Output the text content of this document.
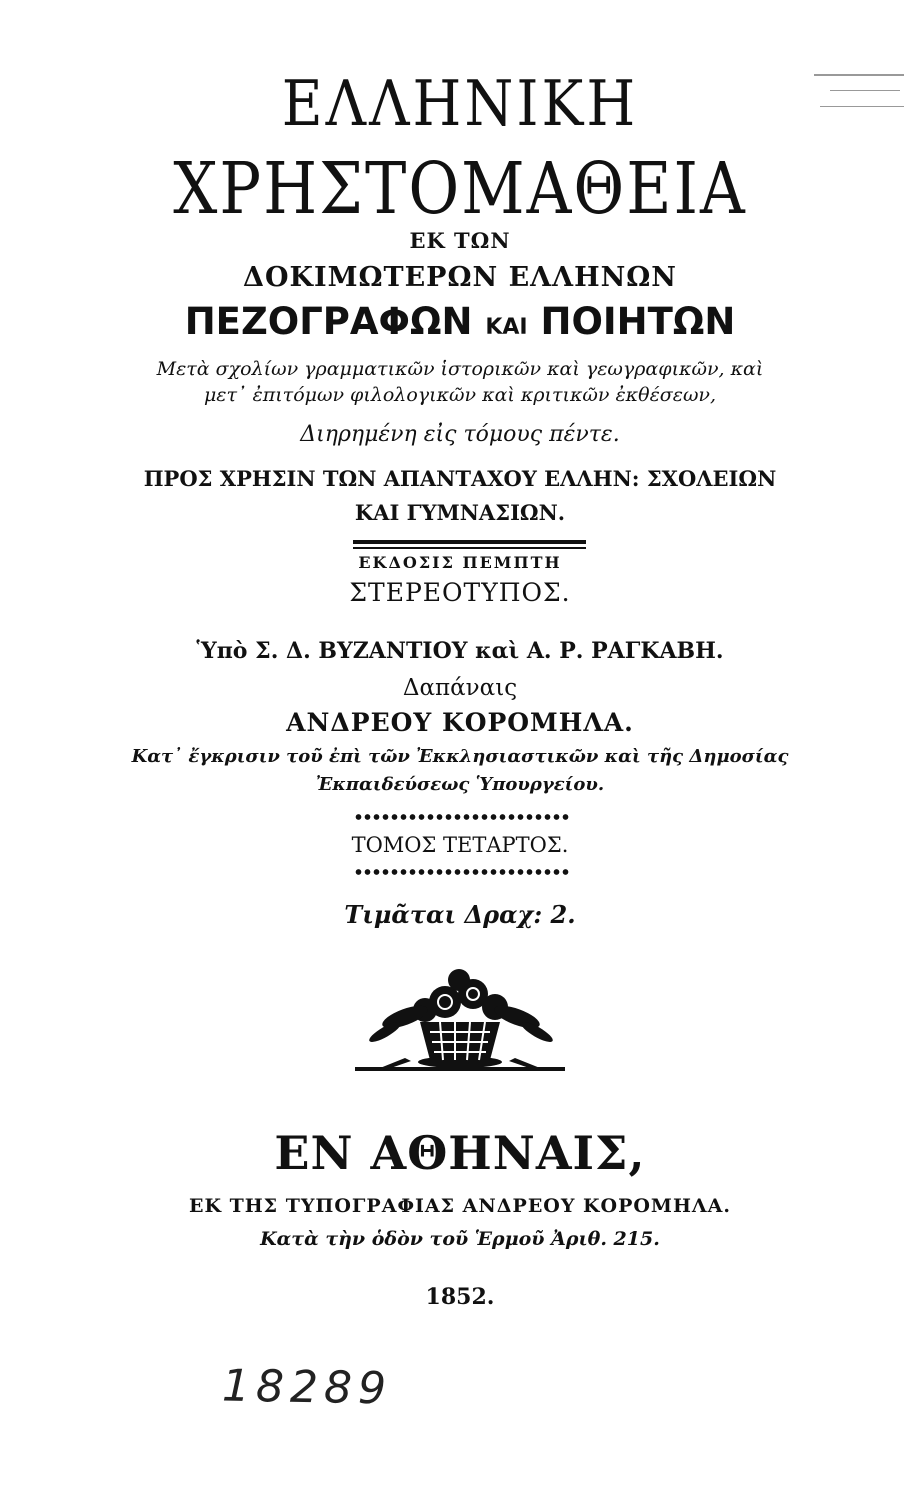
ΕΛΛΗΝΙΚΗ
ΧΡΗΣΤΟΜΑΘΕΙΑ
ΕΚ ΤΩΝ
ΔΟΚΙΜΩΤΕΡΩΝ ΕΛΛΗΝΩΝ
ΠΕΖΟΓΡΑΦΩΝ ΚΑΙ ΠΟΙΗΤΩΝ
Μετὰ σχολίων γραμματικῶν ἱστορικῶν καὶ γεωγραφικῶν, καὶ
μετ᾽ ἐπιτόμων φιλολογικῶν καὶ κριτικῶν ἐκθέσεων,
Διηρημένη εἰς τόμους πέντε.
ΠΡΟΣ ΧΡΗΣΙΝ ΤΩΝ ΑΠΑΝΤΑΧΟΥ ΕΛΛΗΝ: ΣΧΟΛΕΙΩΝ
ΚΑΙ ΓΥΜΝΑΣΙΩΝ.
ΕΚΔΟΣΙΣ ΠΕΜΠΤΗ
ΣΤΕΡΕΟΤΥΠΟΣ.
Ὑπὸ Σ. Δ. ΒΥΖΑΝΤΙΟΥ καὶ Α. Ρ. ΡΑΓΚΑΒΗ.
Δαπάναις
ΑΝΔΡΕΟΥ ΚΟΡΟΜΗΛΑ.
Κατ᾽ ἔγκρισιν τοῦ ἐπὶ τῶν Ἐκκλησιαστικῶν καὶ τῆς Δημοσίας
Ἐκπαιδεύσεως Ὑπουργείου.
ΤΟΜΟΣ ΤΕΤΑΡΤΟΣ.
Τιμᾶται Δραχ: 2.
ΕΝ ΑΘΗΝΑΙΣ,
ΕΚ ΤΗΣ ΤΥΠΟΓΡΑΦΙΑΣ ΑΝΔΡΕΟΥ ΚΟΡΟΜΗΛΑ.
Κατὰ τὴν ὁδὸν τοῦ Ἑρμοῦ Ἀριθ. 215.
1852.
18289
